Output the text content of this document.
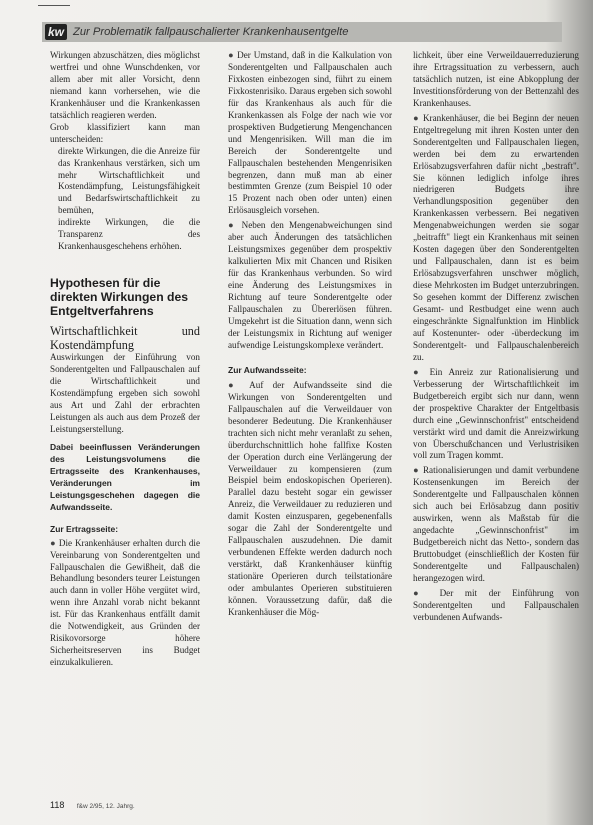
kw Zur Problematik fallpauschalierter Krankenhausentgelte

Wirkungen abzuschätzen, dies möglichst wertfrei und ohne Wunschdenken, vor allem aber mit aller Vorsicht, denn niemand kann vorhersehen, wie die Krankenhäuser und die Krankenkassen tatsächlich reagieren werden.

Grob klassifiziert kann man unterscheiden:

direkte Wirkungen, die die Anreize für das Krankenhaus verstärken, sich um mehr Wirtschaftlichkeit und Kostendämpfung, Leistungsfähigkeit und Bedarfswirtschaftlichkeit zu bemühen,

indirekte Wirkungen, die die Transparenz des Krankenhausgeschehens erhöhen.

Hypothesen für die direkten Wirkungen des Entgeltverfahrens

Wirtschaftlichkeit und Kostendämpfung

Auswirkungen der Einführung von Sonderentgelten und Fallpauschalen auf die Wirtschaftlichkeit und Kostendämpfung ergeben sich sowohl aus Art und Zahl der erbrachten Leistungen als auch aus dem Prozeß der Leistungserstellung.

Dabei beeinflussen Veränderungen des Leistungsvolumens die Ertragsseite des Krankenhauses, Veränderungen im Leistungsgeschehen dagegen die Aufwandsseite.

Zur Ertragsseite:

● Die Krankenhäuser erhalten durch die Vereinbarung von Sonderentgelten und Fallpauschalen die Gewißheit, daß die Behandlung besonders teurer Leistungen auch dann in voller Höhe vergütet wird, wenn ihre Anzahl vorab nicht bekannt ist. Für das Krankenhaus entfällt damit die Notwendigkeit, aus Gründen der Risikovorsorge höhere Sicherheitsreserven ins Budget einzukalkulieren.

● Der Umstand, daß in die Kalkulation von Sonderentgelten und Fallpauschalen auch Fixkosten einbezogen sind, führt zu einem Fixkostenrisiko. Daraus ergeben sich sowohl für das Krankenhaus als auch für die Krankenkassen als Folge der nach wie vor prospektiven Budgetierung Mengenchancen und Mengenrisiken. Will man die im Bereich der Sonderentgelte und Fallpauschalen bestehenden Mengenrisiken begrenzen, dann muß man ab einer bestimmten Grenze (zum Beispiel 10 oder 15 Prozent nach oben oder unten) einen Erlösausgleich vorsehen.

● Neben den Mengenabweichungen sind aber auch Änderungen des tatsächlichen Leistungsmixes gegenüber dem prospektiv kalkulierten Mix mit Chancen und Risiken für das Krankenhaus verbunden. So wird eine Änderung des Leistungsmixes in Richtung auf teure Sonderentgelte oder Fallpauschalen zu Übererlösen führen. Umgekehrt ist die Situation dann, wenn sich der Leistungsmix in Richtung auf weniger aufwendige Leistungskomplexe verändert.

Zur Aufwandsseite:

● Auf der Aufwandsseite sind die Wirkungen von Sonderentgelten und Fallpauschalen auf die Verweildauer von besonderer Bedeutung. Die Krankenhäuser trachten sich nicht mehr veranlaßt zu sehen, überdurchschnittlich hohe fallfixe Kosten der Operation durch eine Verlängerung der Verweildauer zu kompensieren (zum Beispiel beim endoskopischen Operieren). Parallel dazu besteht sogar ein gewisser Anreiz, die Verweildauer zu reduzieren und damit Kosten einzusparen, gegebenenfalls sogar die Zahl der Sonderentgelte und Fallpauschalen auszudehnen. Die damit verbundenen Effekte werden dadurch noch verstärkt, daß Krankenhäuser künftig stationäre Operieren durch teilstationäre oder ambulantes Operieren substituieren können. Voraussetzung dafür, daß die Krankenhäuser die Mög-

lichkeit, über eine Verweildauerreduzierung ihre Ertragssituation zu verbessern, auch tatsächlich nutzen, ist eine Abkopplung der Investitionsförderung von der Bettenzahl des Krankenhauses.

● Krankenhäuser, die bei Beginn der neuen Entgeltregelung mit ihren Kosten unter den Sonderentgelten und Fallpauschalen liegen, werden bei dem zu erwartenden Erlösabzugsverfahren dafür nicht „bestraft". Sie können lediglich infolge ihres niedrigeren Budgets ihre Verhandlungsposition gegenüber den Krankenkassen verbessern. Bei negativen Mengenabweichungen werden sie sogar „beitrafft" liegt ein Krankenhaus mit seinen Kosten dagegen über den Sonderentgelten und Fallpauschalen, dann ist es beim Erlösabzugsverfahren unschwer möglich, diese Mehrkosten im Budget unterzubringen. So gesehen kommt der Differenz zwischen Gesamt- und Restbudget eine wenn auch eingeschränkte Signalfunktion im Hinblick auf Kostenunter- oder -überdeckung im Sonderentgelt- und Fallpauschalenbereich zu.

● Ein Anreiz zur Rationalisierung und Verbesserung der Wirtschaftlichkeit im Budgetbereich ergibt sich nur dann, wenn der prospektive Charakter der Entgeltbasis durch eine „Gewinnschonfrist" entscheidend verstärkt wird und damit die Anreizwirkung von Überschußchancen und Verlustrisiken voll zum Tragen kommt.

● Rationalisierungen und damit verbundene Kostensenkungen im Bereich der Sonderentgelte und Fallpauschalen können sich auch bei Erlösabzug dann positiv auswirken, wenn als Maßstab für die angedachte „Gewinnschonfrist" im Budgetbereich nicht das Netto-, sondern das Bruttobudget (einschließlich der Kosten für Sonderentgelte und Fallpauschalen) herangezogen wird.

● Der mit der Einführung von Sonderentgelten und Fallpauschalen verbundenen Aufwands-

118 f&w 2/95, 12. Jahrg.
